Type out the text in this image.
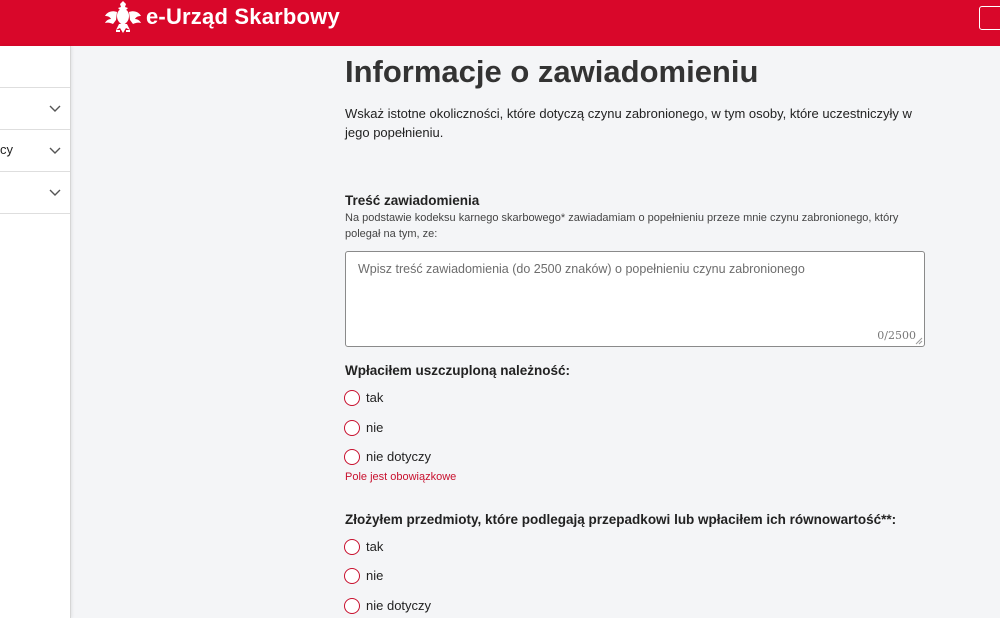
e-Urząd Skarbowy
cy
Informacje o zawiadomieniu

Wskaż istotne okoliczności, które dotyczą czynu zabronionego, w tym osoby, które uczestniczyły w jego popełnieniu.

Treść zawiadomienia
Na podstawie kodeksu karnego skarbowego* zawiadamiam o popełnieniu przeze mnie czynu zabronionego, który polegał na tym, ze:
Wpisz treść zawiadomienia (do 2500 znaków) o popełnieniu czynu zabronionego
0/2500
Wpłaciłem uszczuploną należność:
tak
nie
nie dotyczy
Pole jest obowiązkowe
Złożyłem przedmioty, które podlegają przepadkowi lub wpłaciłem ich równowartość**:
tak
nie
nie dotyczy
